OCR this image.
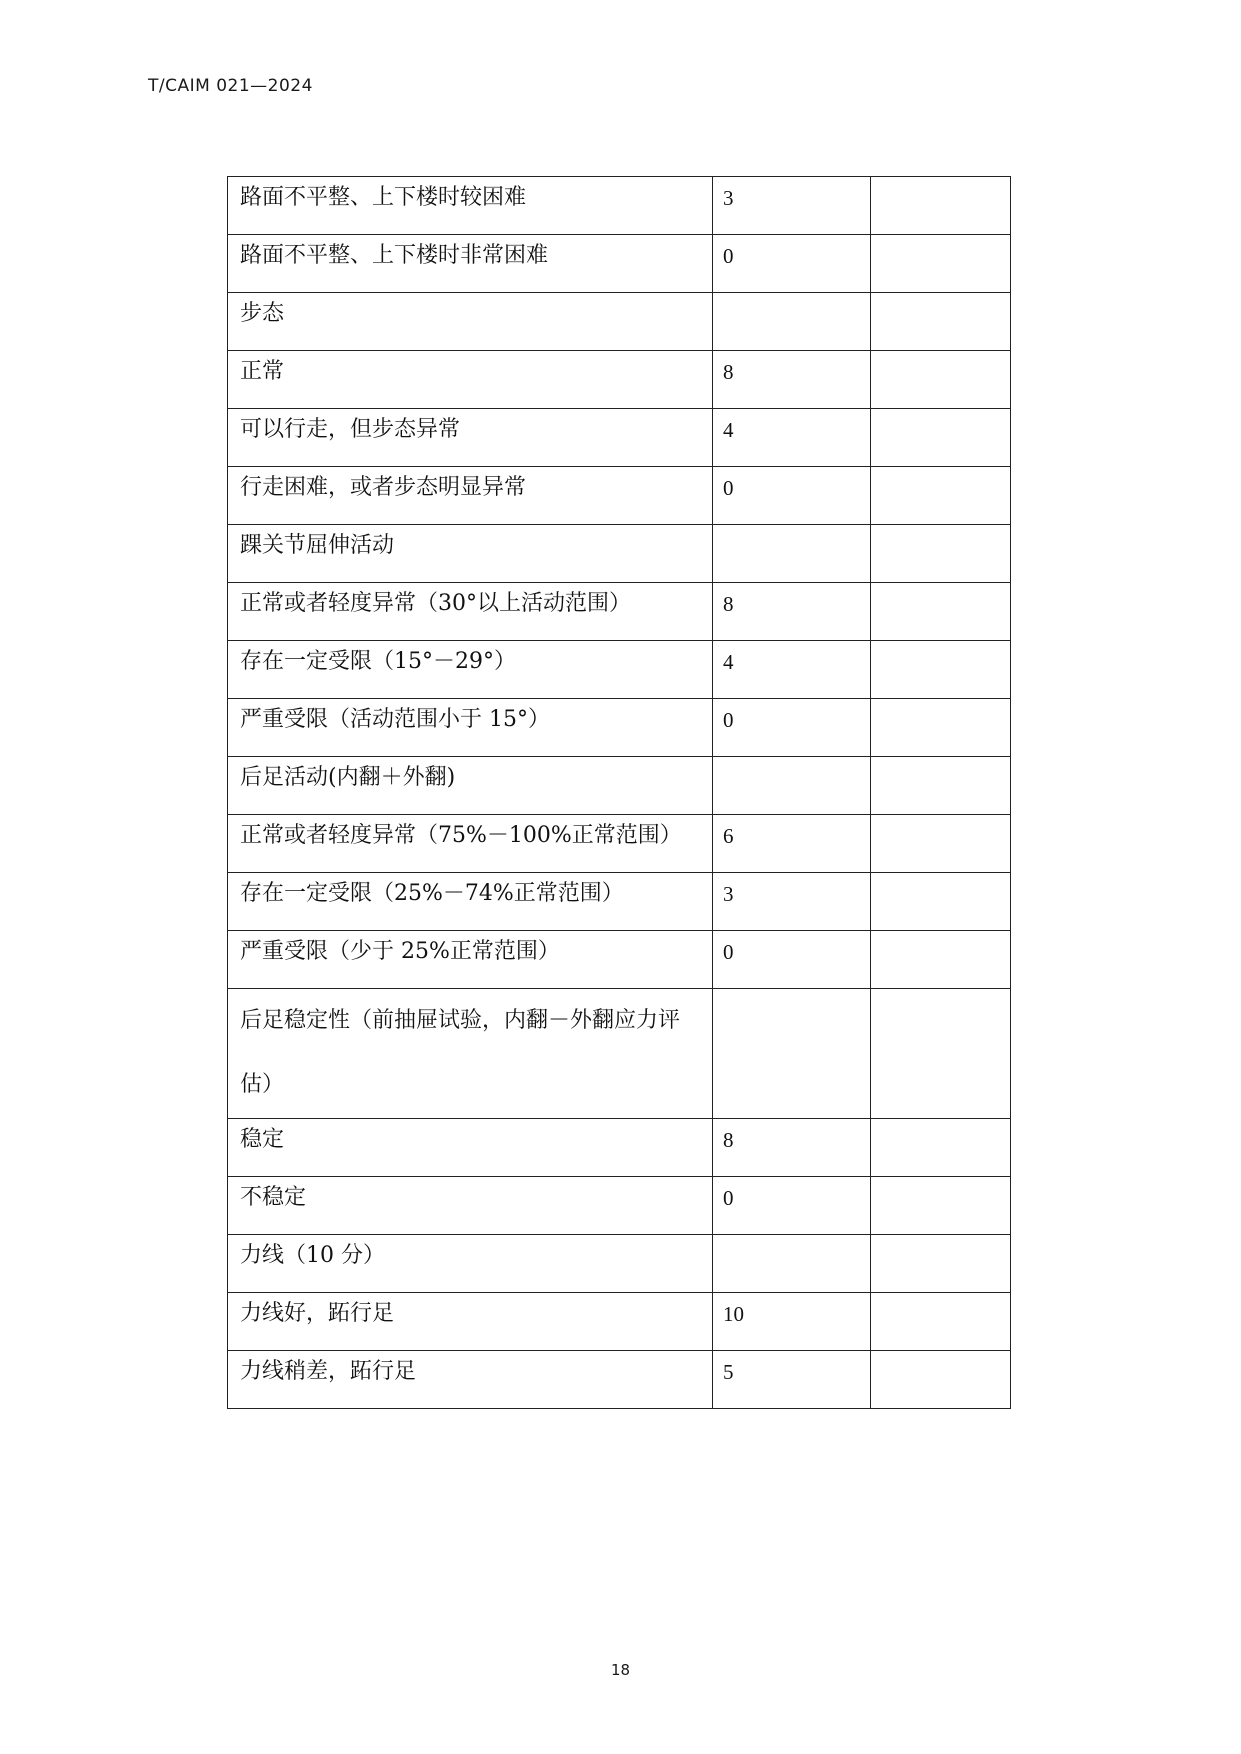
T/CAIM 021—2024
路面不平整、上下楼时较困难	3	
路面不平整、上下楼时非常困难	0	
步态		
正常	8	
可以行走，但步态异常	4	
行走困难，或者步态明显异常	0	
踝关节屈伸活动		
正常或者轻度异常（30°以上活动范围）	8	
存在一定受限（15°－29°）	4	
严重受限（活动范围小于 15°）	0	
后足活动(内翻＋外翻)		
正常或者轻度异常（75%－100%正常范围）	6	
存在一定受限（25%－74%正常范围）	3	
严重受限（少于 25%正常范围）	0	
后足稳定性（前抽屉试验，内翻－外翻应力评估）		
稳定	8	
不稳定	0	
力线（10 分）		
力线好，跖行足	10	
力线稍差，跖行足	5	
18
